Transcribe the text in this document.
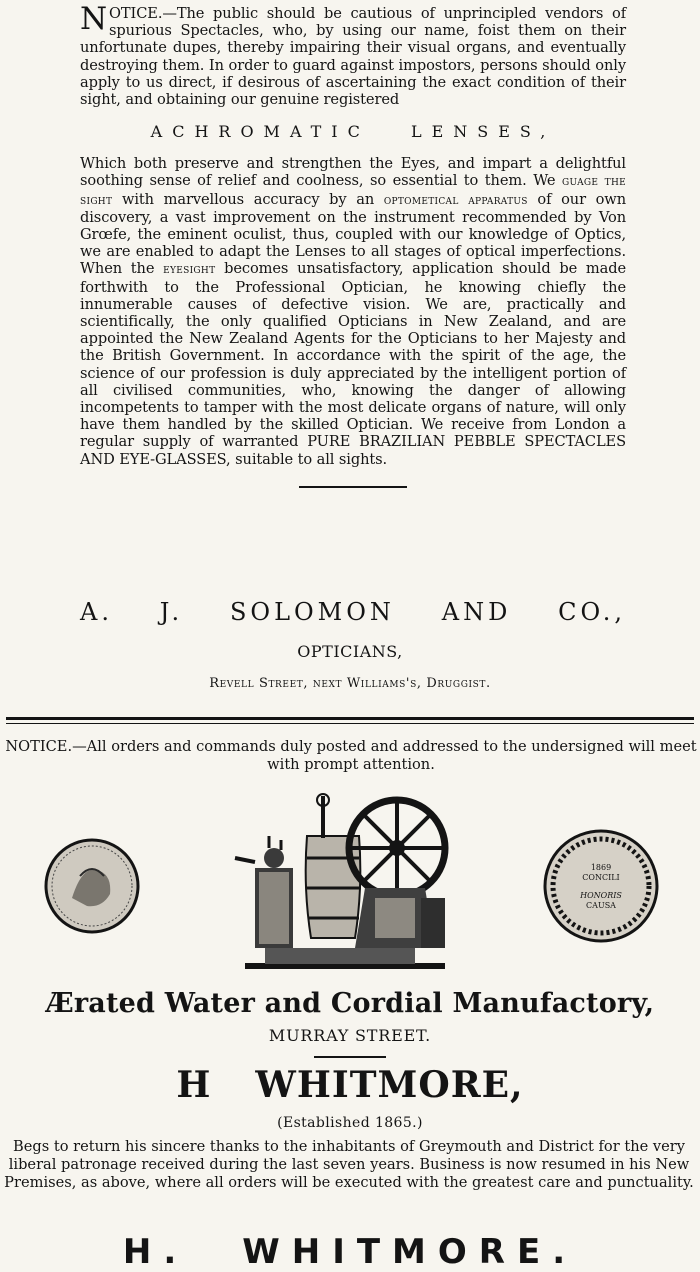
NOTICE.—The public should be cautious of unprincipled vendors of spurious Spectacles, who, by using our name, foist them on their unfortunate dupes, thereby impairing their visual organs, and eventually destroying them. In order to guard against impostors, persons should only apply to us direct, if desirous of ascertaining the exact condition of their sight, and obtaining our genuine registered

ACHROMATIC LENSES,

Which both preserve and strengthen the Eyes, and impart a delightful soothing sense of relief and coolness, so essential to them. We guage the sight with marvellous accuracy by an optometical apparatus of our own discovery, a vast improvement on the instrument recommended by Von Grœfe, the eminent oculist, thus, coupled with our knowledge of Optics, we are enabled to adapt the Lenses to all stages of optical imperfections. When the eyesight becomes unsatisfactory, application should be made forthwith to the Professional Optician, he knowing chiefly the innumerable causes of defective vision. We are, practically and scientifically, the only qualified Opticians in New Zealand, and are appointed the New Zealand Agents for the Opticians to her Majesty and the British Government. In accordance with the spirit of the age, the science of our profession is duly appreciated by the intelligent portion of all civilised communities, who, knowing the danger of allowing incompetents to tamper with the most delicate organs of nature, will only have them handled by the skilled Optician. We receive from London a regular supply of warranted PURE BRAZILIAN PEBBLE SPECTACLES AND EYE-GLASSES, suitable to all sights.

A. J. SOLOMON AND CO.,
OPTICIANS,
Revell Street, next Williams's, Druggist.

NOTICE.—All orders and commands duly posted and addressed to the undersigned will meet with prompt attention.

1869
CONCILI
HONORIS
CAUSA
Ærated Water and Cordial Manufactory,
MURRAY STREET.
H WHITMORE,
(Established 1865.)

Begs to return his sincere thanks to the inhabitants of Greymouth and District for the very liberal patronage received during the last seven years. Business is now resumed in his New Premises, as above, where all orders will be executed with the greatest care and punctuality.

H. WHITMORE.
